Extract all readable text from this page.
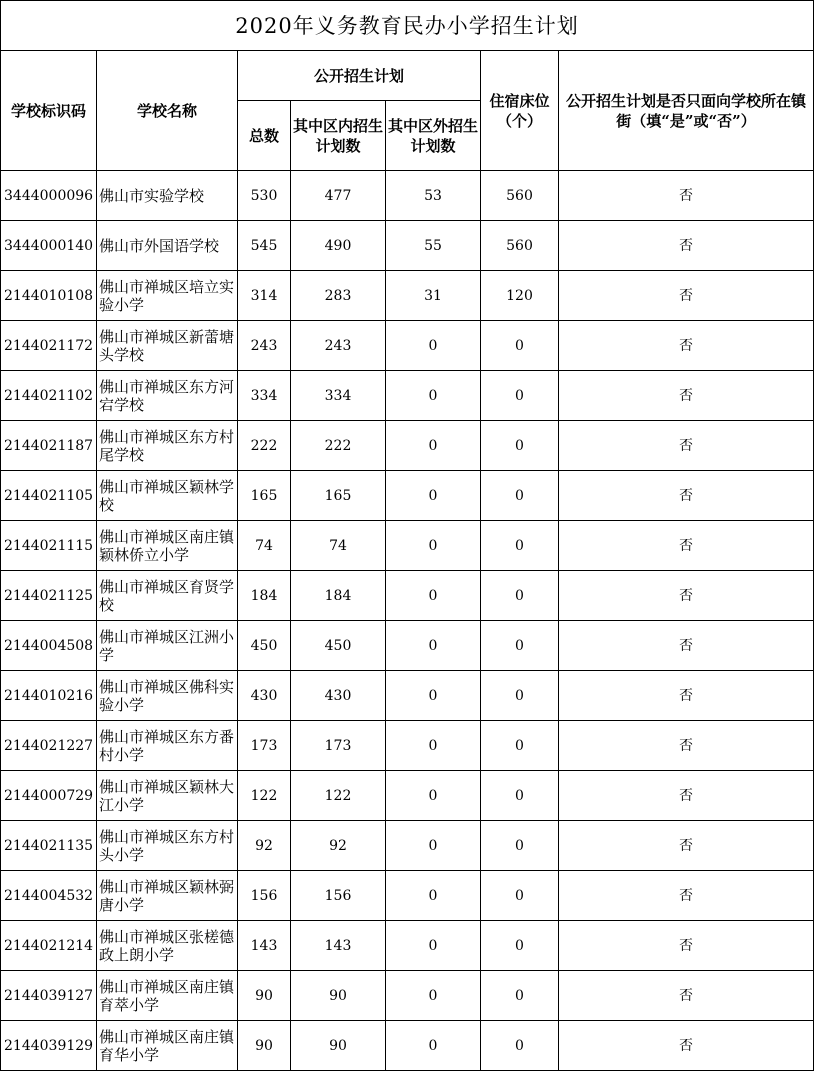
2020年义务教育民办小学招生计划						
学校标识码	学校名称	公开招生计划			住宿床位（个）	公开招生计划是否只面向学校所在镇街（填“是”或“否”）
		总数	其中区内招生计划数	其中区外招生计划数		
3444000096	佛山市实验学校	530	477	53	560	否
3444000140	佛山市外国语学校	545	490	55	560	否
2144010108	佛山市禅城区培立实验小学	314	283	31	120	否
2144021172	佛山市禅城区新蕾塘头学校	243	243	0	0	否
2144021102	佛山市禅城区东方河宕学校	334	334	0	0	否
2144021187	佛山市禅城区东方村尾学校	222	222	0	0	否
2144021105	佛山市禅城区颖林学校	165	165	0	0	否
2144021115	佛山市禅城区南庄镇颖林侨立小学	74	74	0	0	否
2144021125	佛山市禅城区育贤学校	184	184	0	0	否
2144004508	佛山市禅城区江洲小学	450	450	0	0	否
2144010216	佛山市禅城区佛科实验小学	430	430	0	0	否
2144021227	佛山市禅城区东方番村小学	173	173	0	0	否
2144000729	佛山市禅城区颖林大江小学	122	122	0	0	否
2144021135	佛山市禅城区东方村头小学	92	92	0	0	否
2144004532	佛山市禅城区颖林弼唐小学	156	156	0	0	否
2144021214	佛山市禅城区张槎德政上朗小学	143	143	0	0	否
2144039127	佛山市禅城区南庄镇育萃小学	90	90	0	0	否
2144039129	佛山市禅城区南庄镇育华小学	90	90	0	0	否
